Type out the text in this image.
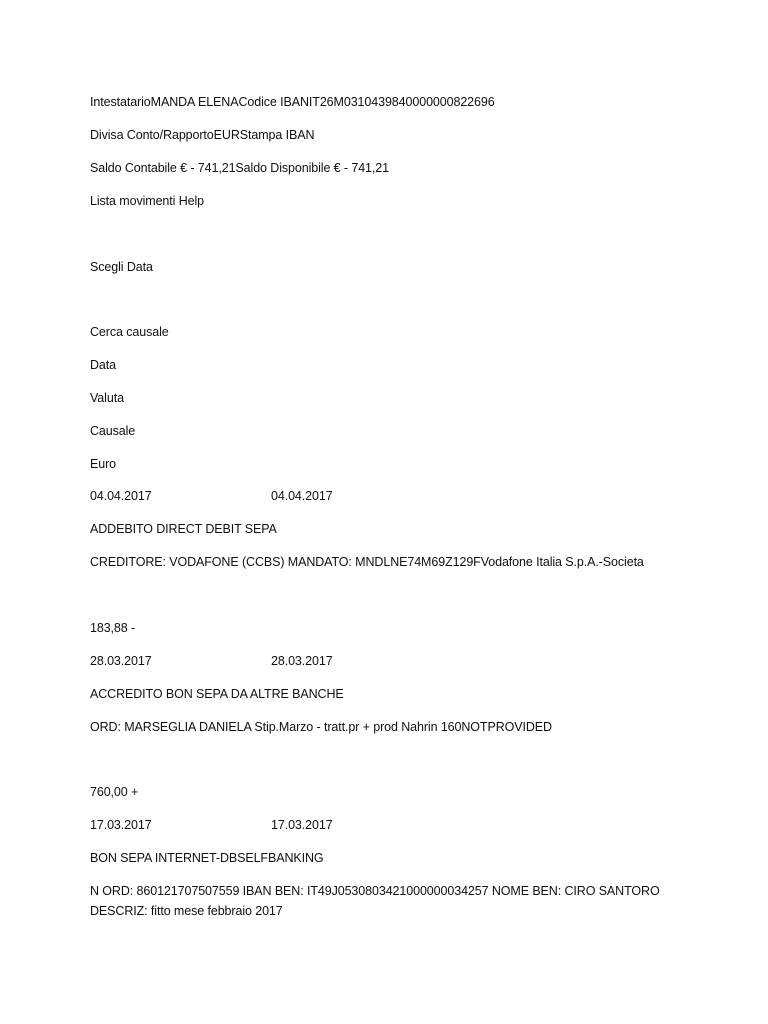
IntestatarioMANDA ELENACodice IBANIT26M0310439840000000822696
Divisa Conto/RapportoEURStampa IBAN
Saldo Contabile € - 741,21Saldo Disponibile € - 741,21
Lista movimenti Help
Scegli Data
Cerca causale
Data
Valuta
Causale
Euro
04.04.2017	04.04.2017
ADDEBITO DIRECT DEBIT SEPA
CREDITORE: VODAFONE (CCBS) MANDATO: MNDLNE74M69Z129FVodafone Italia S.p.A.-Societa
183,88 -
28.03.2017	28.03.2017
ACCREDITO BON SEPA DA ALTRE BANCHE
ORD: MARSEGLIA DANIELA Stip.Marzo - tratt.pr + prod Nahrin 160NOTPROVIDED
760,00 +
17.03.2017	17.03.2017
BON SEPA INTERNET-DBSELFBANKING
N ORD: 860121707507559 IBAN BEN: IT49J0530803421000000034257 NOME BEN: CIRO SANTORO DESCRIZ: fitto mese febbraio 2017
